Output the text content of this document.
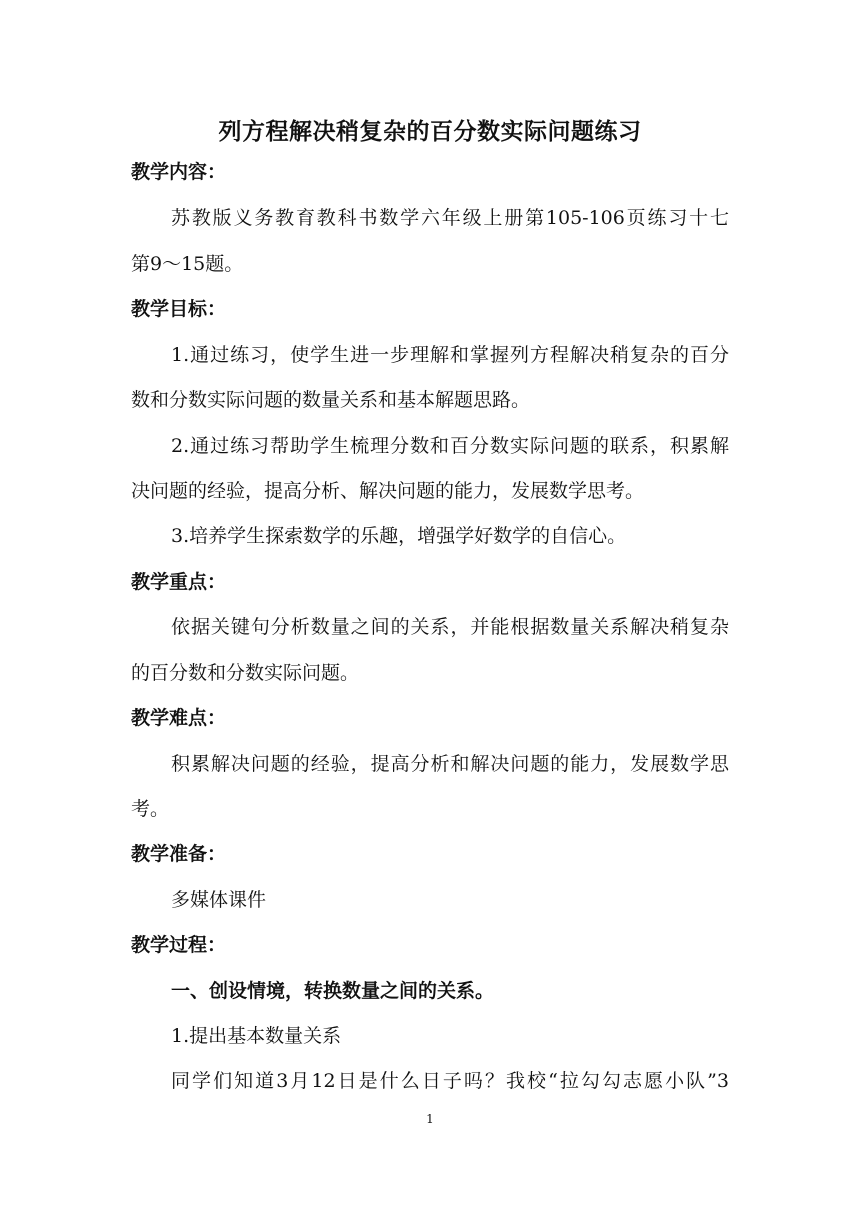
列方程解决稍复杂的百分数实际问题练习
教学内容：
苏教版义务教育教科书数学六年级上册第105-106页练习十七
第9～15题。
教学目标：
1.通过练习，使学生进一步理解和掌握列方程解决稍复杂的百分
数和分数实际问题的数量关系和基本解题思路。
2.通过练习帮助学生梳理分数和百分数实际问题的联系，积累解
决问题的经验，提高分析、解决问题的能力，发展数学思考。
3.培养学生探索数学的乐趣，增强学好数学的自信心。
教学重点：
依据关键句分析数量之间的关系，并能根据数量关系解决稍复杂
的百分数和分数实际问题。
教学难点：
积累解决问题的经验，提高分析和解决问题的能力，发展数学思
考。
教学准备：
多媒体课件
教学过程：
一、创设情境，转换数量之间的关系。
1.提出基本数量关系
同学们知道3月12日是什么日子吗？我校“拉勾勾志愿小队”3
1
